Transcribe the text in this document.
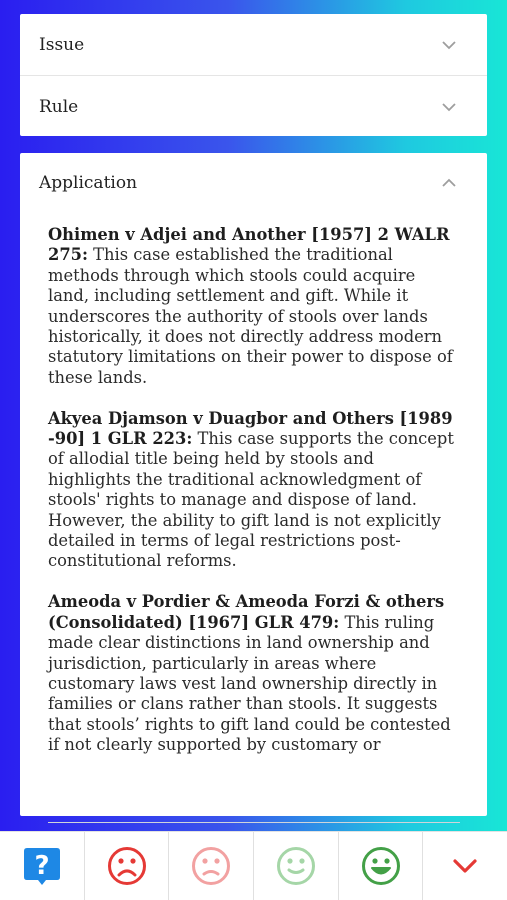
Issue
Rule
Application

Ohimen v Adjei and Another [1957] 2 WALR 275: This case established the traditional methods through which stools could acquire land, including settlement and gift. While it underscores the authority of stools over lands historically, it does not directly address modern statutory limitations on their power to dispose of these lands.

Akyea Djamson v Duagbor and Others [1989 -90] 1 GLR 223: This case supports the concept of allodial title being held by stools and highlights the traditional acknowledgment of stools' rights to manage and dispose of land. However, the ability to gift land is not explicitly detailed in terms of legal restrictions post-constitutional reforms.

Ameoda v Pordier & Ameoda Forzi & others (Consolidated) [1967] GLR 479: This ruling made clear distinctions in land ownership and jurisdiction, particularly in areas where customary laws vest land ownership directly in families or clans rather than stools. It suggests that stools’ rights to gift land could be contested if not clearly supported by customary or

?
